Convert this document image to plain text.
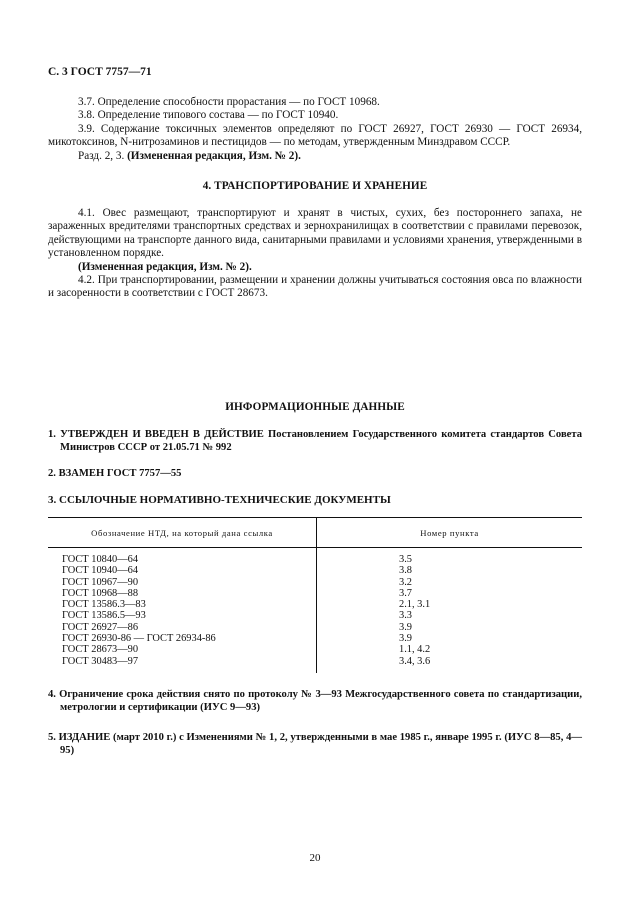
С. 3 ГОСТ 7757—71

3.7. Определение способности прорастания — по ГОСТ 10968.

3.8. Определение типового состава — по ГОСТ 10940.

3.9. Содержание токсичных элементов определяют по ГОСТ 26927, ГОСТ 26930 — ГОСТ 26934, микотоксинов, N-нитрозаминов и пестицидов — по методам, утвержденным Минздравом СССР.

Разд. 2, 3. (Измененная редакция, Изм. № 2).

4. ТРАНСПОРТИРОВАНИЕ И ХРАНЕНИЕ

4.1. Овес размещают, транспортируют и хранят в чистых, сухих, без постороннего запаха, не зараженных вредителями транспортных средствах и зернохранилищах в соответствии с правилами перевозок, действующими на транспорте данного вида, санитарными правилами и условиями хранения, утвержденными в установленном порядке.

(Измененная редакция, Изм. № 2).

4.2. При транспортировании, размещении и хранении должны учитываться состояния овса по влажности и засоренности в соответствии с ГОСТ 28673.

ИНФОРМАЦИОННЫЕ ДАННЫЕ

1. УТВЕРЖДЕН И ВВЕДЕН В ДЕЙСТВИЕ Постановлением Государственного комитета стандартов Совета Министров СССР от 21.05.71 № 992

2. ВЗАМЕН ГОСТ 7757—55

3. ССЫЛОЧНЫЕ НОРМАТИВНО-ТЕХНИЧЕСКИЕ ДОКУМЕНТЫ

Обозначение НТД, на который дана ссылка	Номер пункта

ГОСТ 10840—64	3.5
ГОСТ 10940—64	3.8
ГОСТ 10967—90	3.2
ГОСТ 10968—88	3.7
ГОСТ 13586.3—83	2.1, 3.1
ГОСТ 13586.5—93	3.3
ГОСТ 26927—86	3.9
ГОСТ 26930-86 — ГОСТ 26934-86	3.9
ГОСТ 28673—90	1.1, 4.2
ГОСТ 30483—97	3.4, 3.6

4. Ограничение срока действия снято по протоколу № 3—93 Межгосударственного совета по стандартизации, метрологии и сертификации (ИУС 9—93)

5. ИЗДАНИЕ (март 2010 г.) с Изменениями № 1, 2, утвержденными в мае 1985 г., январе 1995 г. (ИУС 8—85, 4—95)

20
